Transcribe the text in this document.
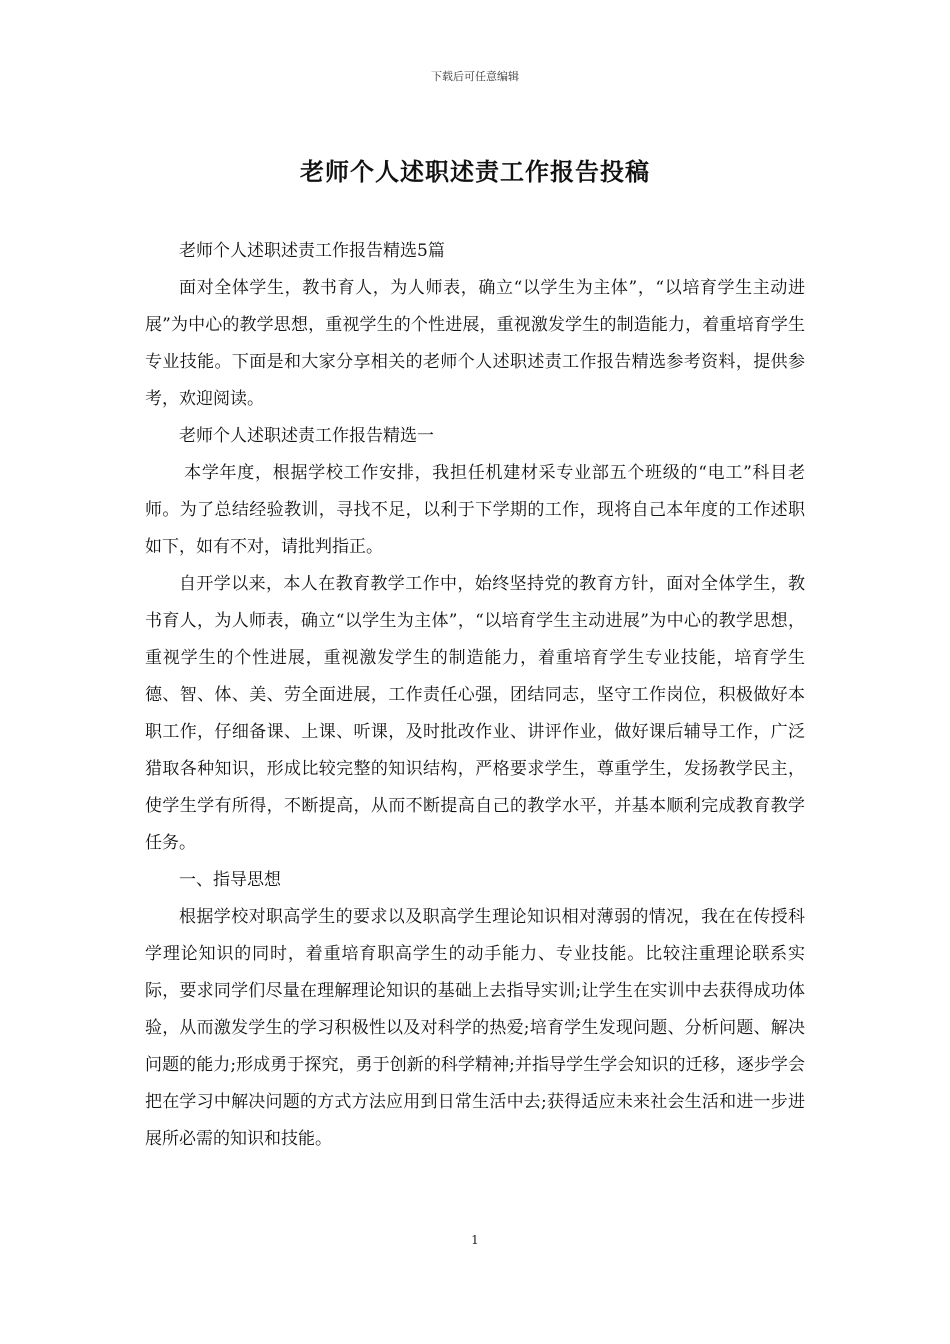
下载后可任意编辑
老师个人述职述责工作报告投稿

老师个人述职述责工作报告精选5篇

面对全体学生，教书育人，为人师表，确立“以学生为主体”，“以培育学生主动进展”为中心的教学思想，重视学生的个性进展，重视激发学生的制造能力，着重培育学生专业技能。下面是和大家分享相关的老师个人述职述责工作报告精选参考资料，提供参考，欢迎阅读。

老师个人述职述责工作报告精选一

本学年度，根据学校工作安排，我担任机建材采专业部五个班级的“电工”科目老师。为了总结经验教训，寻找不足，以利于下学期的工作，现将自己本年度的工作述职如下，如有不对，请批判指正。

自开学以来，本人在教育教学工作中，始终坚持党的教育方针，面对全体学生，教书育人，为人师表，确立“以学生为主体”，“以培育学生主动进展”为中心的教学思想，重视学生的个性进展，重视激发学生的制造能力，着重培育学生专业技能，培育学生德、智、体、美、劳全面进展，工作责任心强，团结同志，坚守工作岗位，积极做好本职工作，仔细备课、上课、听课，及时批改作业、讲评作业，做好课后辅导工作，广泛猎取各种知识，形成比较完整的知识结构，严格要求学生，尊重学生，发扬教学民主，使学生学有所得，不断提高，从而不断提高自己的教学水平，并基本顺利完成教育教学任务。

一、指导思想

根据学校对职高学生的要求以及职高学生理论知识相对薄弱的情况，我在在传授科学理论知识的同时，着重培育职高学生的动手能力、专业技能。比较注重理论联系实际，要求同学们尽量在理解理论知识的基础上去指导实训;让学生在实训中去获得成功体验，从而激发学生的学习积极性以及对科学的热爱;培育学生发现问题、分析问题、解决问题的能力;形成勇于探究，勇于创新的科学精神;并指导学生学会知识的迁移，逐步学会把在学习中解决问题的方式方法应用到日常生活中去;获得适应未来社会生活和进一步进展所必需的知识和技能。

1
